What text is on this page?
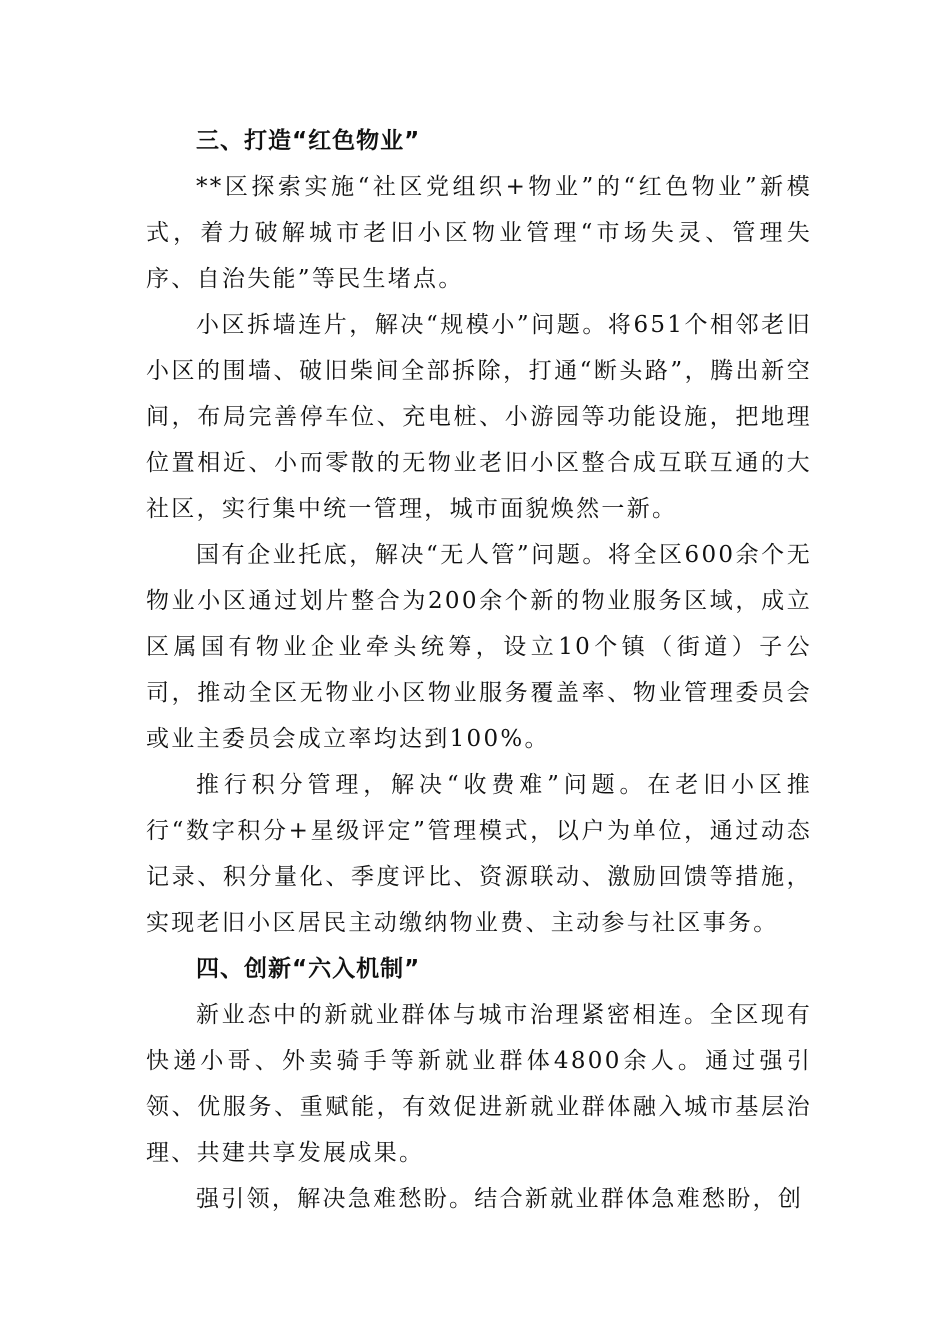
三、打造“红色物业”

**区探索实施“社区党组织+物业”的“红色物业”新模式，着力破解城市老旧小区物业管理“市场失灵、管理失序、自治失能”等民生堵点。

小区拆墙连片，解决“规模小”问题。将651个相邻老旧小区的围墙、破旧柴间全部拆除，打通“断头路”，腾出新空间，布局完善停车位、充电桩、小游园等功能设施，把地理位置相近、小而零散的无物业老旧小区整合成互联互通的大社区，实行集中统一管理，城市面貌焕然一新。

国有企业托底，解决“无人管”问题。将全区600余个无物业小区通过划片整合为200余个新的物业服务区域，成立区属国有物业企业牵头统筹，设立10个镇（街道）子公司，推动全区无物业小区物业服务覆盖率、物业管理委员会或业主委员会成立率均达到100%。

推行积分管理，解决“收费难”问题。在老旧小区推行“数字积分+星级评定”管理模式，以户为单位，通过动态记录、积分量化、季度评比、资源联动、激励回馈等措施，实现老旧小区居民主动缴纳物业费、主动参与社区事务。

四、创新“六入机制”

新业态中的新就业群体与城市治理紧密相连。全区现有快递小哥、外卖骑手等新就业群体4800余人。通过强引领、优服务、重赋能，有效促进新就业群体融入城市基层治理、共建共享发展成果。

强引领，解决急难愁盼。结合新就业群体急难愁盼，创
